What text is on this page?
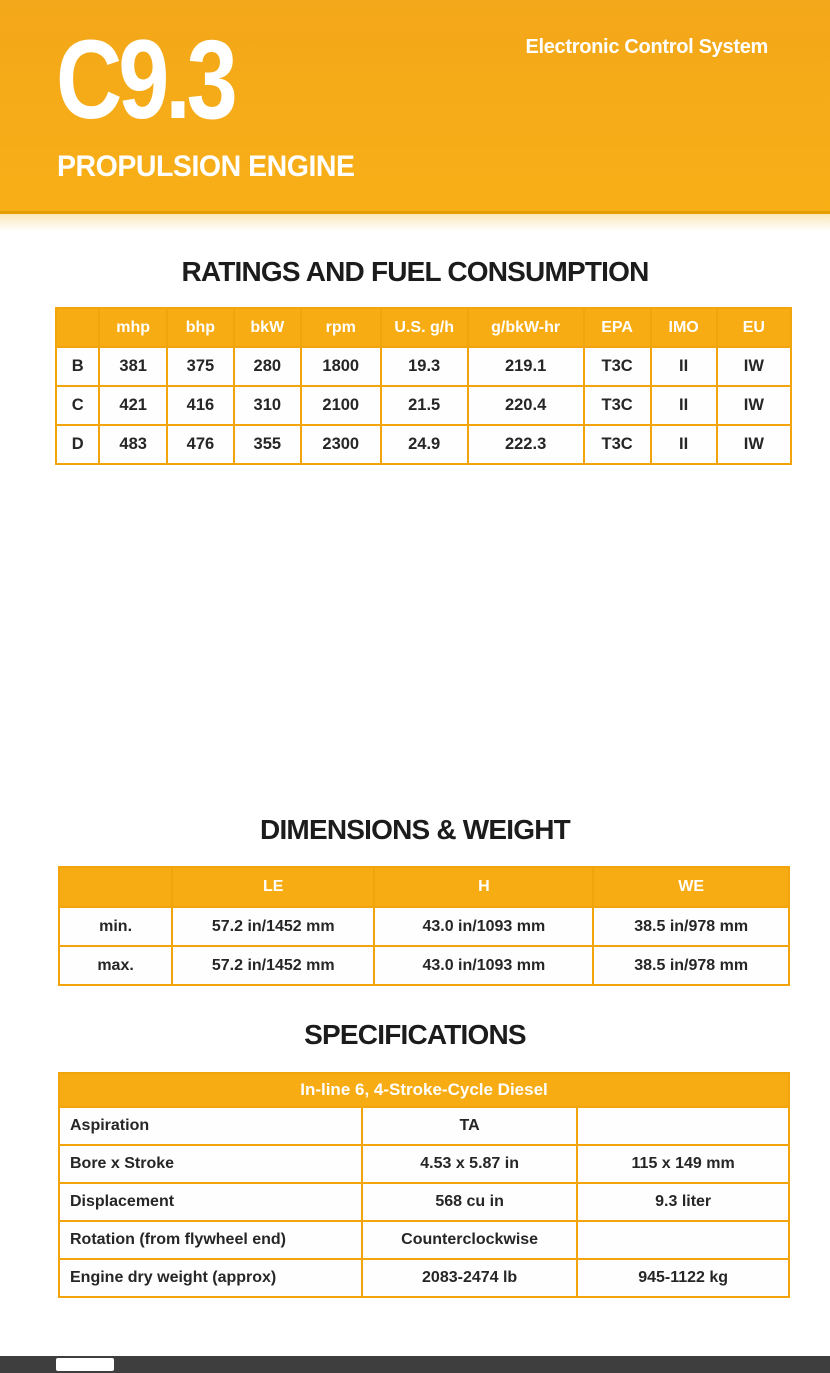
C9.3
PROPULSION ENGINE
Electronic Control System
RATINGS AND FUEL CONSUMPTION
	mhp	bhp	bkW	rpm	U.S. g/h	g/bkW-hr	EPA	IMO	EU
B	381	375	280	1800	19.3	219.1	T3C	II	IW
C	421	416	310	2100	21.5	220.4	T3C	II	IW
D	483	476	355	2300	24.9	222.3	T3C	II	IW
DIMENSIONS & WEIGHT
	LE	H	WE
min.	57.2 in/1452 mm	43.0 in/1093 mm	38.5 in/978 mm
max.	57.2 in/1452 mm	43.0 in/1093 mm	38.5 in/978 mm
SPECIFICATIONS
In-line 6, 4-Stroke-Cycle Diesel		
Aspiration	TA	
Bore x Stroke	4.53 x 5.87 in	115 x 149 mm
Displacement	568 cu in	9.3 liter
Rotation (from flywheel end)	Counterclockwise	
Engine dry weight (approx)	2083-2474 lb	945-1122 kg
